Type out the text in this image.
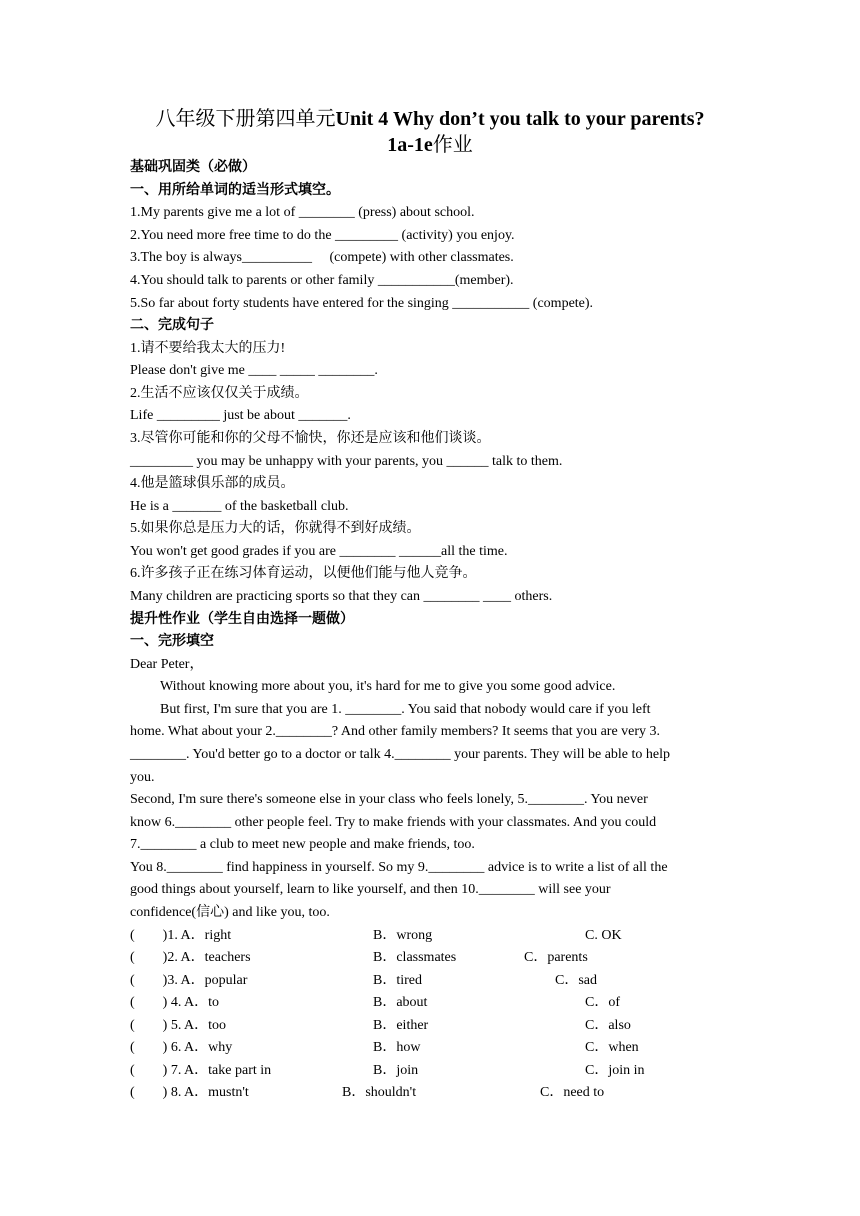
八年级下册第四单元Unit 4 Why don’t you talk to your parents?
1a-1e作业
基础巩固类（必做）
一、用所给单词的适当形式填空。
1.My parents give me a lot of ________ (press) about school.
2.You need more free time to do the _________ (activity) you enjoy.
3.The boy is always__________     (compete) with other classmates.
4.You should talk to parents or other family ___________(member).
5.So far about forty students have entered for the singing ___________ (compete).
二、完成句子
1.请不要给我太大的压力!
Please don't give me ____ _____ ________.
2.生活不应该仅仅关于成绩。
Life _________ just be about _______.
3.尽管你可能和你的父母不愉快，你还是应该和他们谈谈。
_________ you may be unhappy with your parents, you ______ talk to them.
4.他是篮球俱乐部的成员。
He is a _______ of the basketball club.
5.如果你总是压力大的话，你就得不到好成绩。
You won't get good grades if you are ________ ______all the time.
6.许多孩子正在练习体育运动，以便他们能与他人竞争。
Many children are practicing sports so that they can ________ ____ others.
提升性作业（学生自由选择一题做）
一、完形填空
Dear Peter，
Without knowing more about you, it's hard for me to give you some good advice.
But first, I'm sure that you are 1. ________. You said that nobody would care if you left
home. What about your 2.________? And other family members? It seems that you are very 3.
________. You'd better go to a doctor or talk 4.________ your parents. They will be able to help
you.
Second, I'm sure there's someone else in your class who feels lonely, 5.________. You never
know 6.________ other people feel. Try to make friends with your classmates. And you could
7.________ a club to meet new people and make friends, too.
You 8.________ find happiness in yourself. So my 9.________ advice is to write a list of all the
good things about yourself, learn to like yourself, and then 10.________ will see your
confidence(信心) and like you, too.
(        )1. A．right	B．wrong	C. OK
(        )2. A．teachers	B．classmates	C．parents
(        )3. A．popular	B．tired	C．sad
(        ) 4. A．to	B．about	C．of
(        ) 5. A．too	B．either	C．also
(        ) 6. A．why	B．how	C．when
(        ) 7. A．take part in	B．join	C．join in
(        ) 8. A．mustn't	B．shouldn't	C．need to
